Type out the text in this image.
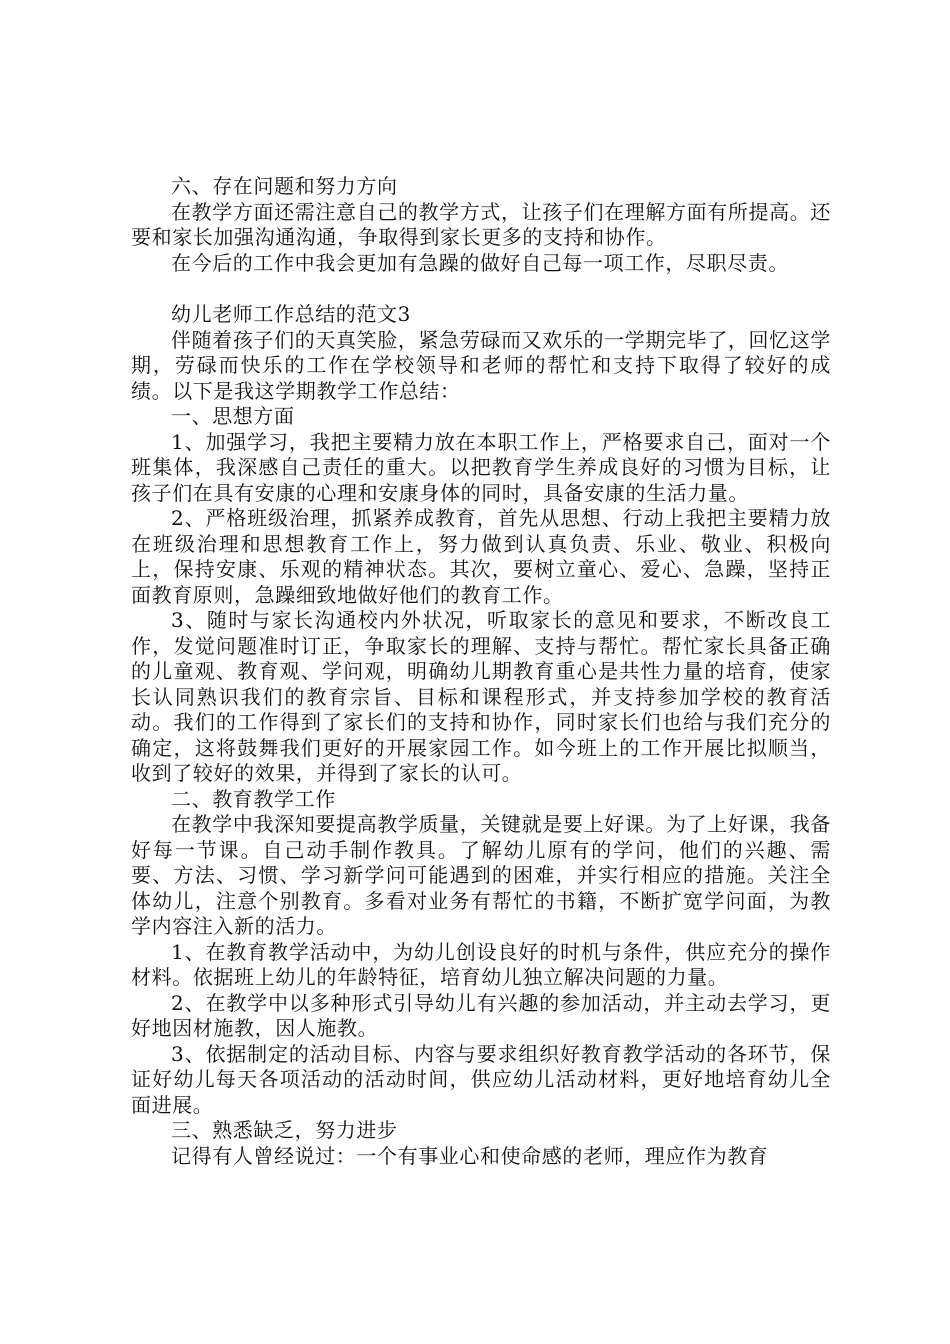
六、存在问题和努力方向

在教学方面还需注意自己的教学方式，让孩子们在理解方面有所提高。还要和家长加强沟通沟通，争取得到家长更多的支持和协作。

在今后的工作中我会更加有急躁的做好自己每一项工作，尽职尽责。

幼儿老师工作总结的范文3

伴随着孩子们的天真笑脸，紧急劳碌而又欢乐的一学期完毕了，回忆这学期，劳碌而快乐的工作在学校领导和老师的帮忙和支持下取得了较好的成绩。以下是我这学期教学工作总结：

一、思想方面

1、加强学习，我把主要精力放在本职工作上，严格要求自己，面对一个班集体，我深感自己责任的重大。以把教育学生养成良好的习惯为目标，让孩子们在具有安康的心理和安康身体的同时，具备安康的生活力量。

2、严格班级治理，抓紧养成教育，首先从思想、行动上我把主要精力放在班级治理和思想教育工作上，努力做到认真负责、乐业、敬业、积极向上，保持安康、乐观的精神状态。其次，要树立童心、爱心、急躁，坚持正面教育原则，急躁细致地做好他们的教育工作。

3、随时与家长沟通校内外状况，听取家长的意见和要求，不断改良工作，发觉问题准时订正，争取家长的理解、支持与帮忙。帮忙家长具备正确的儿童观、教育观、学问观，明确幼儿期教育重心是共性力量的培育，使家长认同熟识我们的教育宗旨、目标和课程形式，并支持参加学校的教育活动。我们的工作得到了家长们的支持和协作，同时家长们也给与我们充分的确定，这将鼓舞我们更好的开展家园工作。如今班上的工作开展比拟顺当，收到了较好的效果，并得到了家长的认可。

二、教育教学工作

在教学中我深知要提高教学质量，关键就是要上好课。为了上好课，我备好每一节课。自己动手制作教具。了解幼儿原有的学问，他们的兴趣、需要、方法、习惯、学习新学问可能遇到的困难，并实行相应的措施。关注全体幼儿，注意个别教育。多看对业务有帮忙的书籍，不断扩宽学问面，为教学内容注入新的活力。

1、在教育教学活动中，为幼儿创设良好的时机与条件，供应充分的操作材料。依据班上幼儿的年龄特征，培育幼儿独立解决问题的力量。

2、在教学中以多种形式引导幼儿有兴趣的参加活动，并主动去学习，更好地因材施教，因人施教。

3、依据制定的活动目标、内容与要求组织好教育教学活动的各环节，保证好幼儿每天各项活动的活动时间，供应幼儿活动材料，更好地培育幼儿全面进展。

三、熟悉缺乏，努力进步

记得有人曾经说过：一个有事业心和使命感的老师，理应作为教育
